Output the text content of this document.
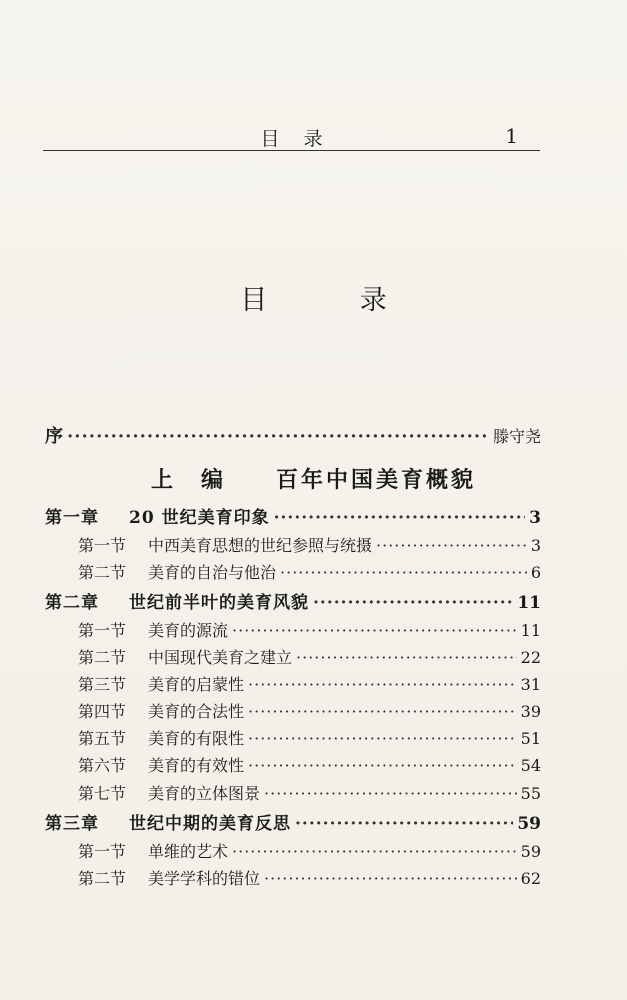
目录	1
目 录
序 ·····	滕守尧
上　编　　百年中国美育概貌
第一章 20 世纪美育印象 ·····	3
第一节 中西美育思想的世纪参照与统摄 ·····	3
第二节 美育的自治与他治 ·····	6
第二章 世纪前半叶的美育风貌 ·····	11
第一节 美育的源流 ·····	11
第二节 中国现代美育之建立 ·····	22
第三节 美育的启蒙性 ·····	31
第四节 美育的合法性 ·····	39
第五节 美育的有限性 ·····	51
第六节 美育的有效性 ·····	54
第七节 美育的立体图景 ·····	55
第三章 世纪中期的美育反思 ·····	59
第一节 单维的艺术 ·····	59
第二节 美学学科的错位 ·····	62
